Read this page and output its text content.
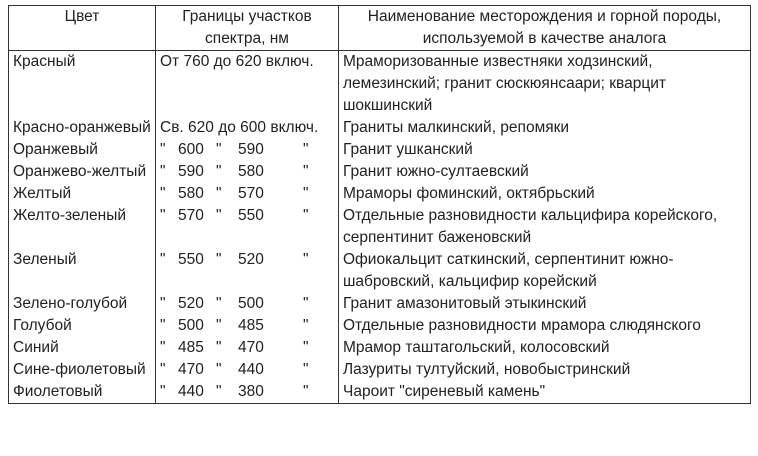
Цвет	Границы участков спектра, нм	Наименование месторождения и горной породы, используемой в качестве аналога
Красный	От 760 до 620 включ.	Мраморизованные известняки ходзинский, лемезинский; гранит сюскюянсаари; кварцит шокшинский
Красно-оранжевый	Св. 620 до 600 включ.	Граниты малкинский, репомяки
Оранжевый	" 600 " 590 "	Гранит ушканский
Оранжево-желтый	" 590 " 580 "	Гранит южно-султаевский
Желтый	" 580 " 570 "	Мраморы фоминский, октябрьский
Желто-зеленый	" 570 " 550 "	Отдельные разновидности кальцифира корейского, серпентинит баженовский
Зеленый	" 550 " 520 "	Офиокальцит саткинский, серпентинит южно-шабровский, кальцифир корейский
Зелено-голубой	" 520 " 500 "	Гранит амазонитовый этыкинский
Голубой	" 500 " 485 "	Отдельные разновидности мрамора слюдянского
Синий	" 485 " 470 "	Мрамор таштагольский, колосовский
Сине-фиолетовый	" 470 " 440 "	Лазуриты тултуйский, новобыстринский
Фиолетовый	" 440 " 380 "	Чароит "сиреневый камень"
